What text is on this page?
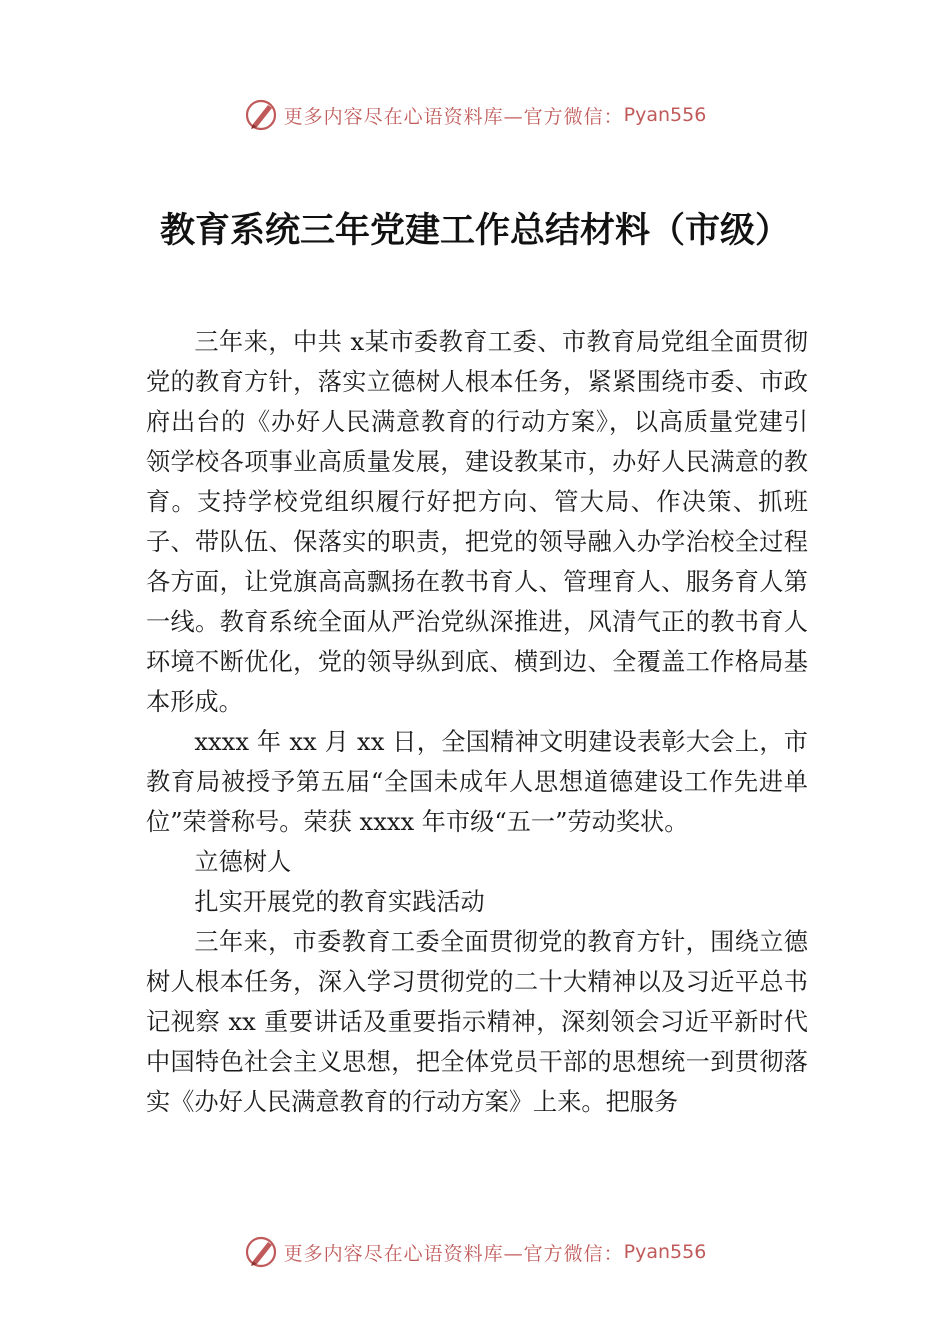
更多内容尽在心语资料库—官方微信： Pyan556
教育系统三年党建工作总结材料（市级）

三年来，中共 x某市委教育工委、市教育局党组全面贯彻党的教育方针，落实立德树人根本任务，紧紧围绕市委、市政府出台的《办好人民满意教育的行动方案》，以高质量党建引领学校各项事业高质量发展，建设教某市，办好人民满意的教育。支持学校党组织履行好把方向、管大局、作决策、抓班子、带队伍、保落实的职责，把党的领导融入办学治校全过程各方面，让党旗高高飘扬在教书育人、管理育人、服务育人第一线。教育系统全面从严治党纵深推进，风清气正的教书育人环境不断优化，党的领导纵到底、横到边、全覆盖工作格局基本形成。

xxxx 年 xx 月 xx 日，全国精神文明建设表彰大会上，市教育局被授予第五届“全国未成年人思想道德建设工作先进单位”荣誉称号。荣获 xxxx 年市级“五一”劳动奖状。

立德树人

扎实开展党的教育实践活动

三年来，市委教育工委全面贯彻党的教育方针，围绕立德树人根本任务，深入学习贯彻党的二十大精神以及习近平总书记视察 xx 重要讲话及重要指示精神，深刻领会习近平新时代中国特色社会主义思想，把全体党员干部的思想统一到贯彻落实《办好人民满意教育的行动方案》上来。把服务

更多内容尽在心语资料库—官方微信： Pyan556
